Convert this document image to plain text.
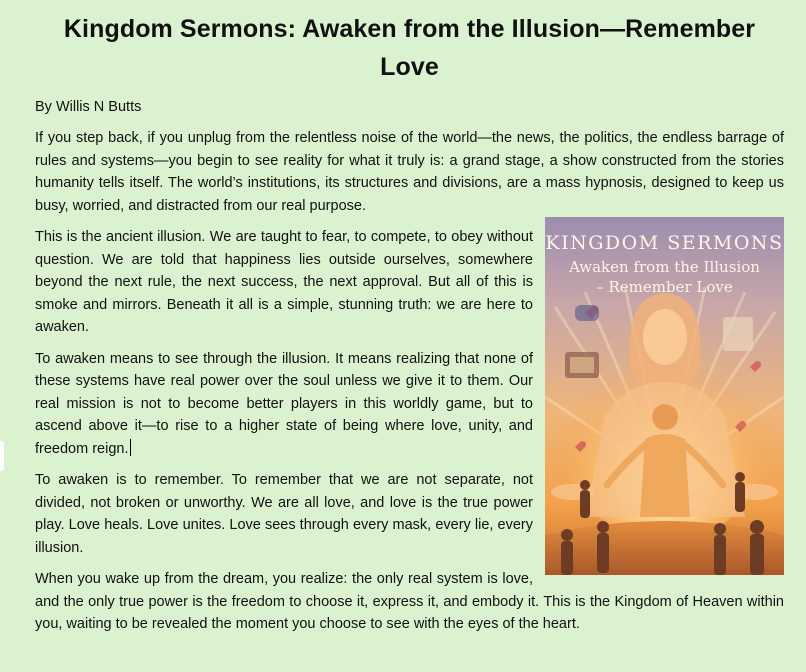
Kingdom Sermons: Awaken from the Illusion—Remember Love
By Willis N Butts

If you step back, if you unplug from the relentless noise of the world—the news, the politics, the endless barrage of rules and systems—you begin to see reality for what it truly is: a grand stage, a show constructed from the stories humanity tells itself. The world’s institutions, its structures and divisions, are a mass hypnosis, designed to keep us busy, worried, and distracted from our real purpose.

KINGDOM SERMONS
Awaken from the Illusion
– Remember Love

This is the ancient illusion. We are taught to fear, to compete, to obey without question. We are told that happiness lies outside ourselves, somewhere beyond the next rule, the next success, the next approval. But all of this is smoke and mirrors. Beneath it all is a simple, stunning truth: we are here to awaken.

To awaken means to see through the illusion. It means realizing that none of these systems have real power over the soul unless we give it to them. Our real mission is not to become better players in this worldly game, but to ascend above it—to rise to a higher state of being where love, unity, and freedom reign.

To awaken is to remember. To remember that we are not separate, not divided, not broken or unworthy. We are all love, and love is the true power play. Love heals. Love unites. Love sees through every mask, every lie, every illusion.

When you wake up from the dream, you realize: the only real system is love, and the only true power is the freedom to choose it, express it, and embody it. This is the Kingdom of Heaven within you, waiting to be revealed the moment you choose to see with the eyes of the heart.
